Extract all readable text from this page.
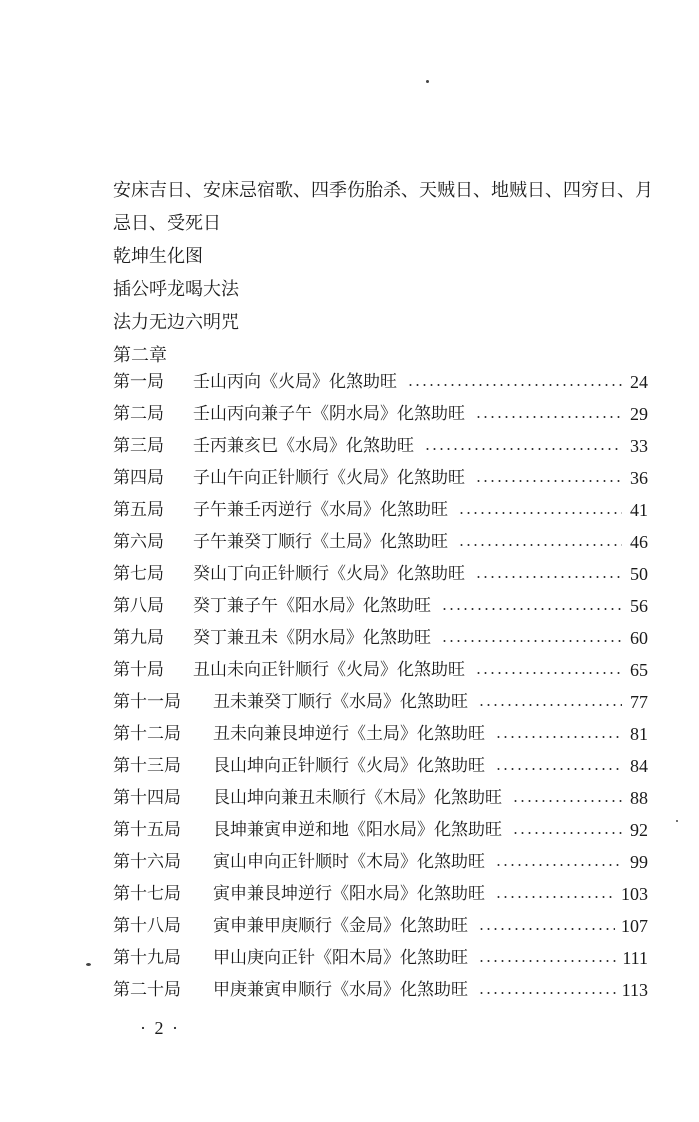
安床吉日、安床忌宿歌、四季伤胎杀、天贼日、地贼日、四穷日、月
忌日、受死日
乾坤生化图
插公呼龙喝大法
法力无边六明咒
第二章
第一局	壬山丙向《火局》化煞助旺	24
第二局	壬山丙向兼子午《阴水局》化煞助旺	29
第三局	壬丙兼亥巳《水局》化煞助旺	33
第四局	子山午向正针顺行《火局》化煞助旺	36
第五局	子午兼壬丙逆行《水局》化煞助旺	41
第六局	子午兼癸丁顺行《土局》化煞助旺	46
第七局	癸山丁向正针顺行《火局》化煞助旺	50
第八局	癸丁兼子午《阳水局》化煞助旺	56
第九局	癸丁兼丑未《阴水局》化煞助旺	60
第十局	丑山未向正针顺行《火局》化煞助旺	65
第十一局	丑未兼癸丁顺行《水局》化煞助旺	77
第十二局	丑未向兼艮坤逆行《土局》化煞助旺	81
第十三局	艮山坤向正针顺行《火局》化煞助旺	84
第十四局	艮山坤向兼丑未顺行《木局》化煞助旺	88
第十五局	艮坤兼寅申逆和地《阳水局》化煞助旺	92
第十六局	寅山申向正针顺时《木局》化煞助旺	99
第十七局	寅申兼艮坤逆行《阳水局》化煞助旺	103
第十八局	寅申兼甲庚顺行《金局》化煞助旺	107
第十九局	甲山庚向正针《阳木局》化煞助旺	111
第二十局	甲庚兼寅申顺行《水局》化煞助旺	113
· 2 ·
